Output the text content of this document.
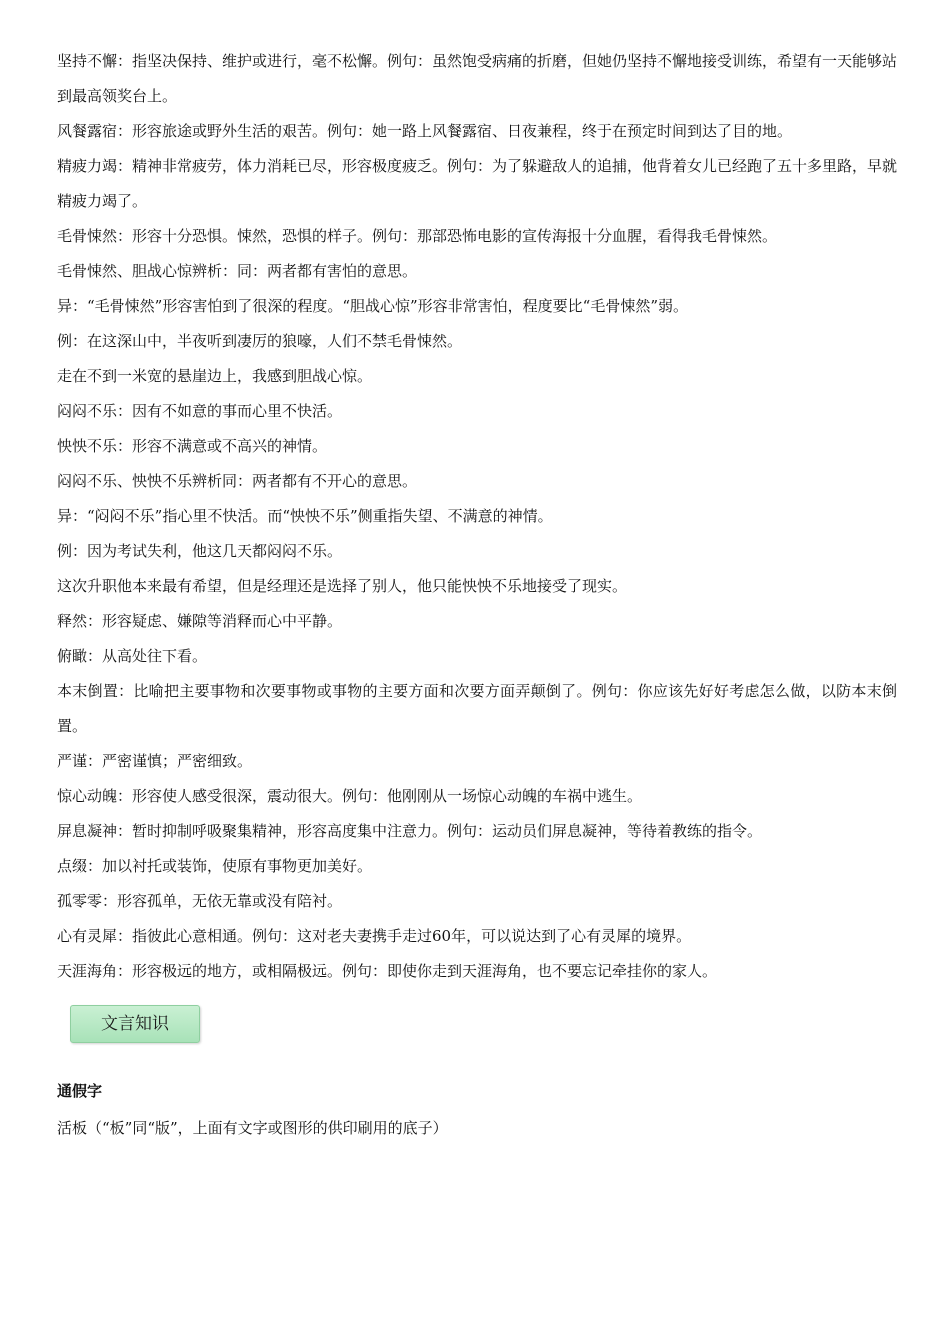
坚持不懈：指坚决保持、维护或进行，毫不松懈。例句：虽然饱受病痛的折磨，但她仍坚持不懈地接受训练，希望有一天能够站到最高领奖台上。

风餐露宿：形容旅途或野外生活的艰苦。例句：她一路上风餐露宿、日夜兼程，终于在预定时间到达了目的地。

精疲力竭：精神非常疲劳，体力消耗已尽，形容极度疲乏。例句：为了躲避敌人的追捕，他背着女儿已经跑了五十多里路，早就精疲力竭了。

毛骨悚然：形容十分恐惧。悚然，恐惧的样子。例句：那部恐怖电影的宣传海报十分血腥，看得我毛骨悚然。

毛骨悚然、胆战心惊辨析：同：两者都有害怕的意思。

异：“毛骨悚然”形容害怕到了很深的程度。“胆战心惊”形容非常害怕，程度要比“毛骨悚然”弱。

例：在这深山中，半夜听到凄厉的狼嚎，人们不禁毛骨悚然。

走在不到一米宽的悬崖边上，我感到胆战心惊。

闷闷不乐：因有不如意的事而心里不快活。

怏怏不乐：形容不满意或不高兴的神情。

闷闷不乐、怏怏不乐辨析同：两者都有不开心的意思。

异：“闷闷不乐”指心里不快活。而“怏怏不乐”侧重指失望、不满意的神情。

例：因为考试失利，他这几天都闷闷不乐。

这次升职他本来最有希望，但是经理还是选择了别人，他只能怏怏不乐地接受了现实。

释然：形容疑虑、嫌隙等消释而心中平静。

俯瞰：从高处往下看。

本末倒置：比喻把主要事物和次要事物或事物的主要方面和次要方面弄颠倒了。例句：你应该先好好考虑怎么做，以防本末倒置。

严谨：严密谨慎；严密细致。

惊心动魄：形容使人感受很深，震动很大。例句：他刚刚从一场惊心动魄的车祸中逃生。

屏息凝神：暂时抑制呼吸聚集精神，形容高度集中注意力。例句：运动员们屏息凝神，等待着教练的指令。

点缀：加以衬托或装饰，使原有事物更加美好。

孤零零：形容孤单，无依无靠或没有陪衬。

心有灵犀：指彼此心意相通。例句：这对老夫妻携手走过60年，可以说达到了心有灵犀的境界。

天涯海角：形容极远的地方，或相隔极远。例句：即使你走到天涯海角，也不要忘记牵挂你的家人。

文言知识
通假字

活板（“板”同“版”，上面有文字或图形的供印刷用的底子）
